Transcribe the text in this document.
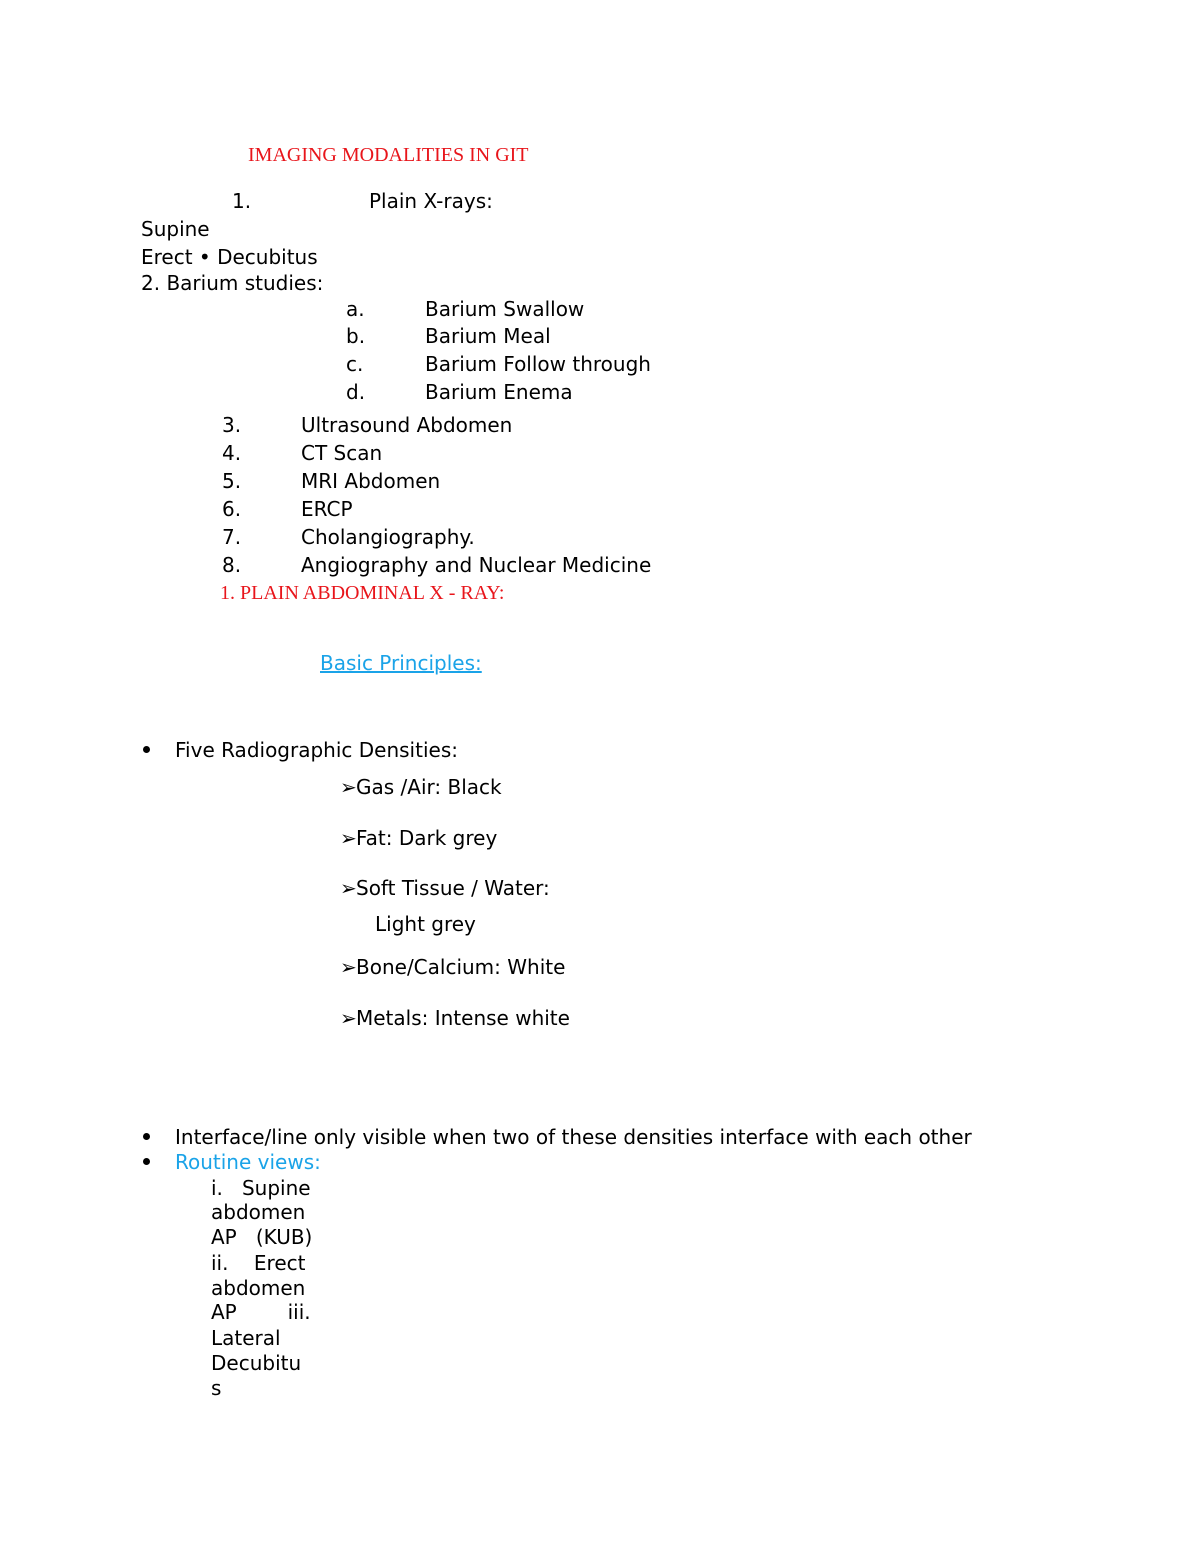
IMAGING MODALITIES IN GIT
1.	Plain X-rays:
Supine
Erect • Decubitus
2. Barium studies:
a.	Barium Swallow
b.	Barium Meal
c.	Barium Follow through
d.	Barium Enema
3.	Ultrasound Abdomen
4.	CT Scan
5.	MRI Abdomen
6.	ERCP
7.	Cholangiography.
8.	Angiography and Nuclear Medicine
1. PLAIN ABDOMINAL X - RAY:
Basic Principles:
Five Radiographic Densities:
➢Gas /Air: Black
➢Fat: Dark grey
➢Soft Tissue / Water:
Light grey
➢Bone/Calcium: White
➢Metals: Intense white
Interface/line only visible when two of these densities interface with each other
Routine views:
i.   Supine
abdomen
AP   (KUB)
ii.    Erect
abdomen
AP        iii.
Lateral
Decubitu
s
